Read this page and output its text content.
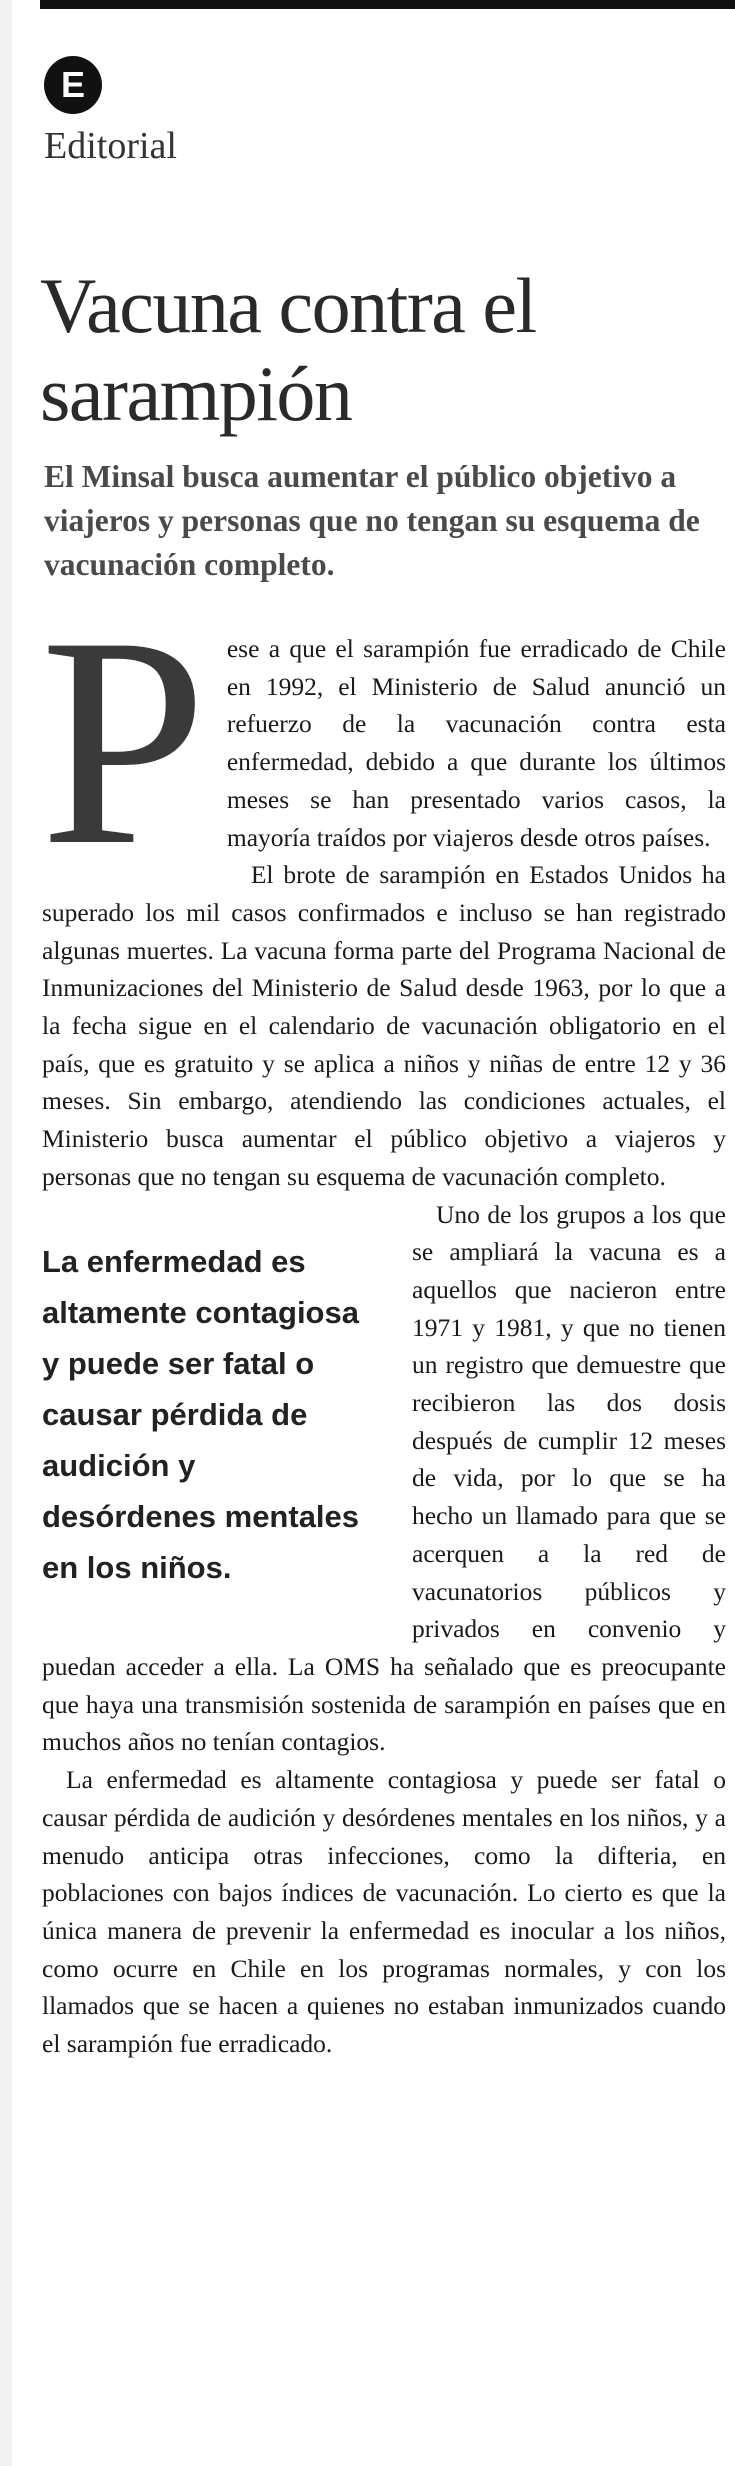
E
Editorial
Vacuna contra el sarampión
El Minsal busca aumentar el público objetivo a viajeros y personas que no tengan su esquema de vacunación completo.

P ese a que el sarampión fue erradicado de Chile en 1992, el Ministerio de Salud anunció un refuerzo de la vacunación contra esta enfermedad, debido a que durante los últimos meses se han presentado varios casos, la mayoría traídos por viajeros desde otros países.

El brote de sarampión en Estados Unidos ha superado los mil casos confirmados e incluso se han registrado algunas muertes. La vacuna forma parte del Programa Nacional de Inmunizaciones del Ministerio de Salud desde 1963, por lo que a la fecha sigue en el calendario de vacunación obligatorio en el país, que es gratuito y se aplica a niños y niñas de entre 12 y 36 meses. Sin embargo, atendiendo las condiciones actuales, el Ministerio busca aumentar el público objetivo a viajeros y personas que no tengan su esquema de vacunación completo.

La enfermedad es altamente contagiosa y puede ser fatal o causar pérdida de audición y desórdenes mentales en los niños.
Uno de los grupos a los que se ampliará la vacuna es a aquellos que nacieron entre 1971 y 1981, y que no tienen un registro que demuestre que recibieron las dos dosis después de cumplir 12 meses de vida, por lo que se ha hecho un llamado para que se acerquen a la red de vacunatorios públicos y privados en convenio y puedan acceder a ella. La OMS ha señalado que es preocupante que haya una transmisión sostenida de sarampión en países que en muchos años no tenían contagios.

La enfermedad es altamente contagiosa y puede ser fatal o causar pérdida de audición y desórdenes mentales en los niños, y a menudo anticipa otras infecciones, como la difteria, en poblaciones con bajos índices de vacunación. Lo cierto es que la única manera de prevenir la enfermedad es inocular a los niños, como ocurre en Chile en los programas normales, y con los llamados que se hacen a quienes no estaban inmunizados cuando el sarampión fue erradicado.
